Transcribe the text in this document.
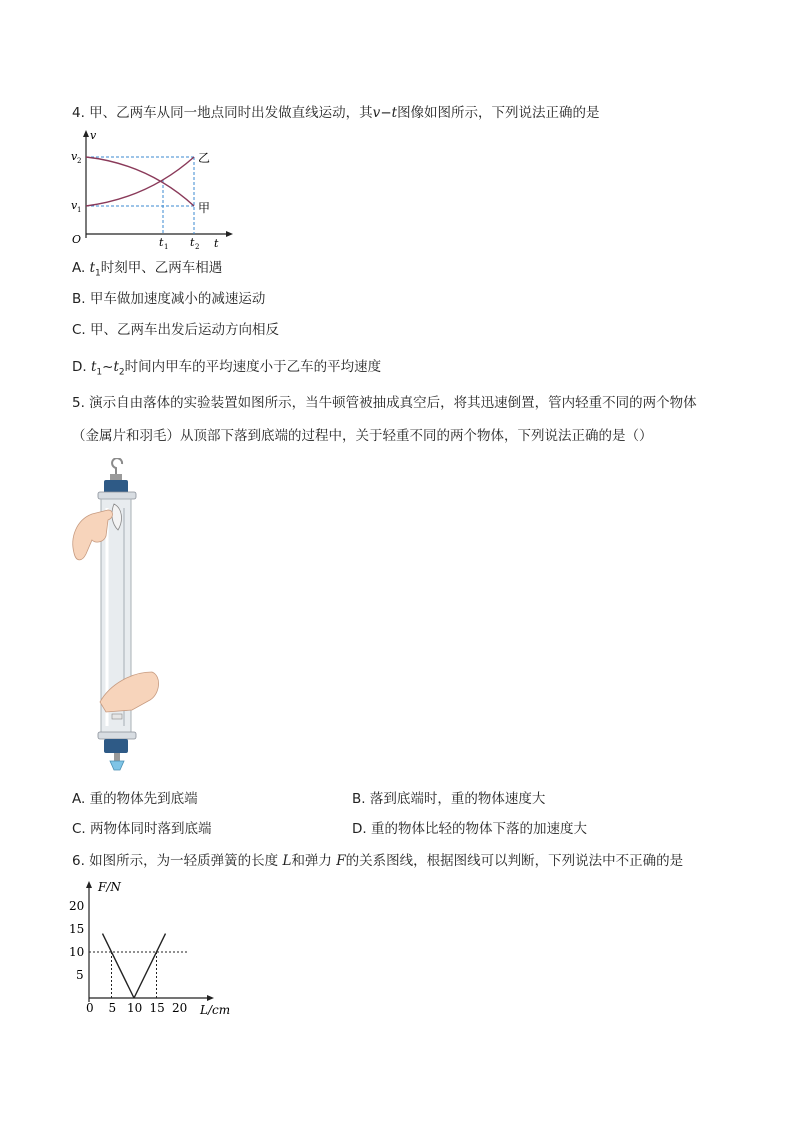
4. 甲、乙两车从同一地点同时出发做直线运动，其v−t图像如图所示，下列说法正确的是
v
t
O
v 2
v 1
t 1 t 2
乙
甲
A. $t_1$时刻甲、乙两车相遇
B. 甲车做加速度减小的减速运动
C. 甲、乙两车出发后运动方向相反
D. $t_1\sim t_2$时间内甲车的平均速度小于乙车的平均速度
5. 演示自由落体的实验装置如图所示，当牛顿管被抽成真空后，将其迅速倒置，管内轻重不同的两个物体
（金属片和羽毛）从顶部下落到底端的过程中，关于轻重不同的两个物体，下列说法正确的是（）
A. 重的物体先到底端	B. 落到底端时，重的物体速度大
C. 两物体同时落到底端	D. 重的物体比轻的物体下落的加速度大
6. 如图所示，为一轻质弹簧的长度 L和弹力 F的关系图线，根据图线可以判断，下列说法中不正确的是
F/N
L/cm
0 5 10 15 20
5
10
15
20
